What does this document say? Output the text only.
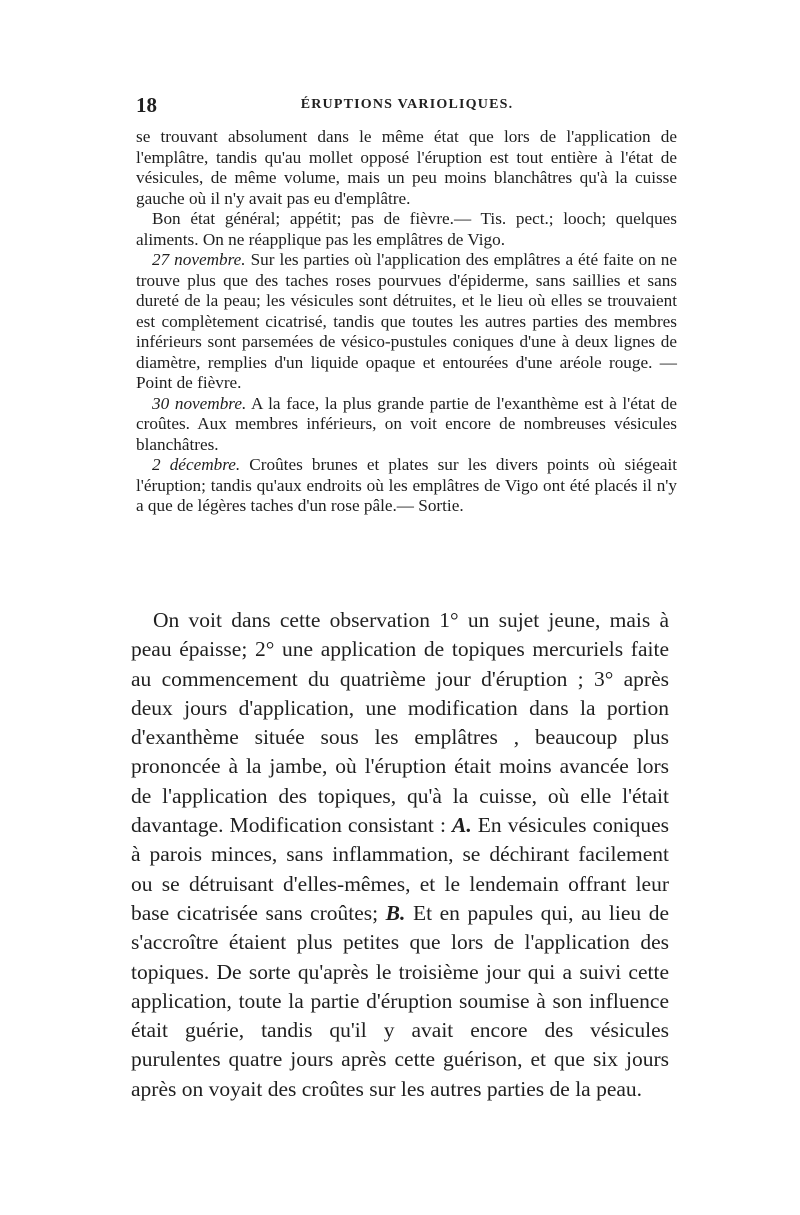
18	ÉRUPTIONS VARIOLIQUES.

se trouvant absolument dans le même état que lors de l'application de l'emplâtre, tandis qu'au mollet opposé l'éruption est tout entière à l'état de vésicules, de même volume, mais un peu moins blanchâtres qu'à la cuisse gauche où il n'y avait pas eu d'emplâtre.

Bon état général; appétit; pas de fièvre.— Tis. pect.; looch; quelques aliments. On ne réapplique pas les emplâtres de Vigo.

27 novembre. Sur les parties où l'application des emplâtres a été faite on ne trouve plus que des taches roses pourvues d'épiderme, sans saillies et sans dureté de la peau; les vésicules sont détruites, et le lieu où elles se trouvaient est complètement cicatrisé, tandis que toutes les autres parties des membres inférieurs sont parsemées de vésico-pustules coniques d'une à deux lignes de diamètre, remplies d'un liquide opaque et entourées d'une aréole rouge. — Point de fièvre.

30 novembre. A la face, la plus grande partie de l'exanthème est à l'état de croûtes. Aux membres inférieurs, on voit encore de nombreuses vésicules blanchâtres.

2 décembre. Croûtes brunes et plates sur les divers points où siégeait l'éruption; tandis qu'aux endroits où les emplâtres de Vigo ont été placés il n'y a que de légères taches d'un rose pâle.— Sortie.

On voit dans cette observation 1° un sujet jeune, mais à peau épaisse; 2° une application de topiques mercuriels faite au commencement du quatrième jour d'éruption ; 3° après deux jours d'application, une modification dans la portion d'exanthème située sous les emplâtres , beaucoup plus prononcée à la jambe, où l'éruption était moins avancée lors de l'application des topiques, qu'à la cuisse, où elle l'était davantage. Modification consistant : A. En vésicules coniques à parois minces, sans inflammation, se déchirant facilement ou se détruisant d'elles-mêmes, et le lendemain offrant leur base cicatrisée sans croûtes; B. Et en papules qui, au lieu de s'accroître étaient plus petites que lors de l'application des topiques. De sorte qu'après le troisième jour qui a suivi cette application, toute la partie d'éruption soumise à son influence était guérie, tandis qu'il y avait encore des vésicules purulentes quatre jours après cette guérison, et que six jours après on voyait des croûtes sur les autres parties de la peau.
